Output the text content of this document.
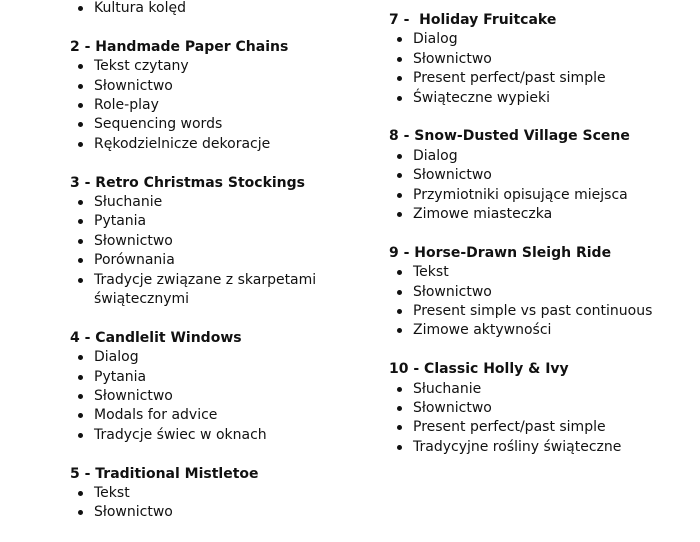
Kultura kolęd
2 - Handmade Paper Chains
Tekst czytany
Słownictwo
Role-play
Sequencing words
Rękodzielnicze dekoracje
3 - Retro Christmas Stockings
Słuchanie
Pytania
Słownictwo
Porównania
Tradycje związane z skarpetami świątecznymi
4 - Candlelit Windows
Dialog
Pytania
Słownictwo
Modals for advice
Tradycje świec w oknach
5 - Traditional Mistletoe
Tekst
Słownictwo
7 -  Holiday Fruitcake
Dialog
Słownictwo
Present perfect/past simple
Świąteczne wypieki
8 - Snow-Dusted Village Scene
Dialog
Słownictwo
Przymiotniki opisujące miejsca
Zimowe miasteczka
9 - Horse-Drawn Sleigh Ride
Tekst
Słownictwo
Present simple vs past continuous
Zimowe aktywności
10 - Classic Holly & Ivy
Słuchanie
Słownictwo
Present perfect/past simple
Tradycyjne rośliny świąteczne
